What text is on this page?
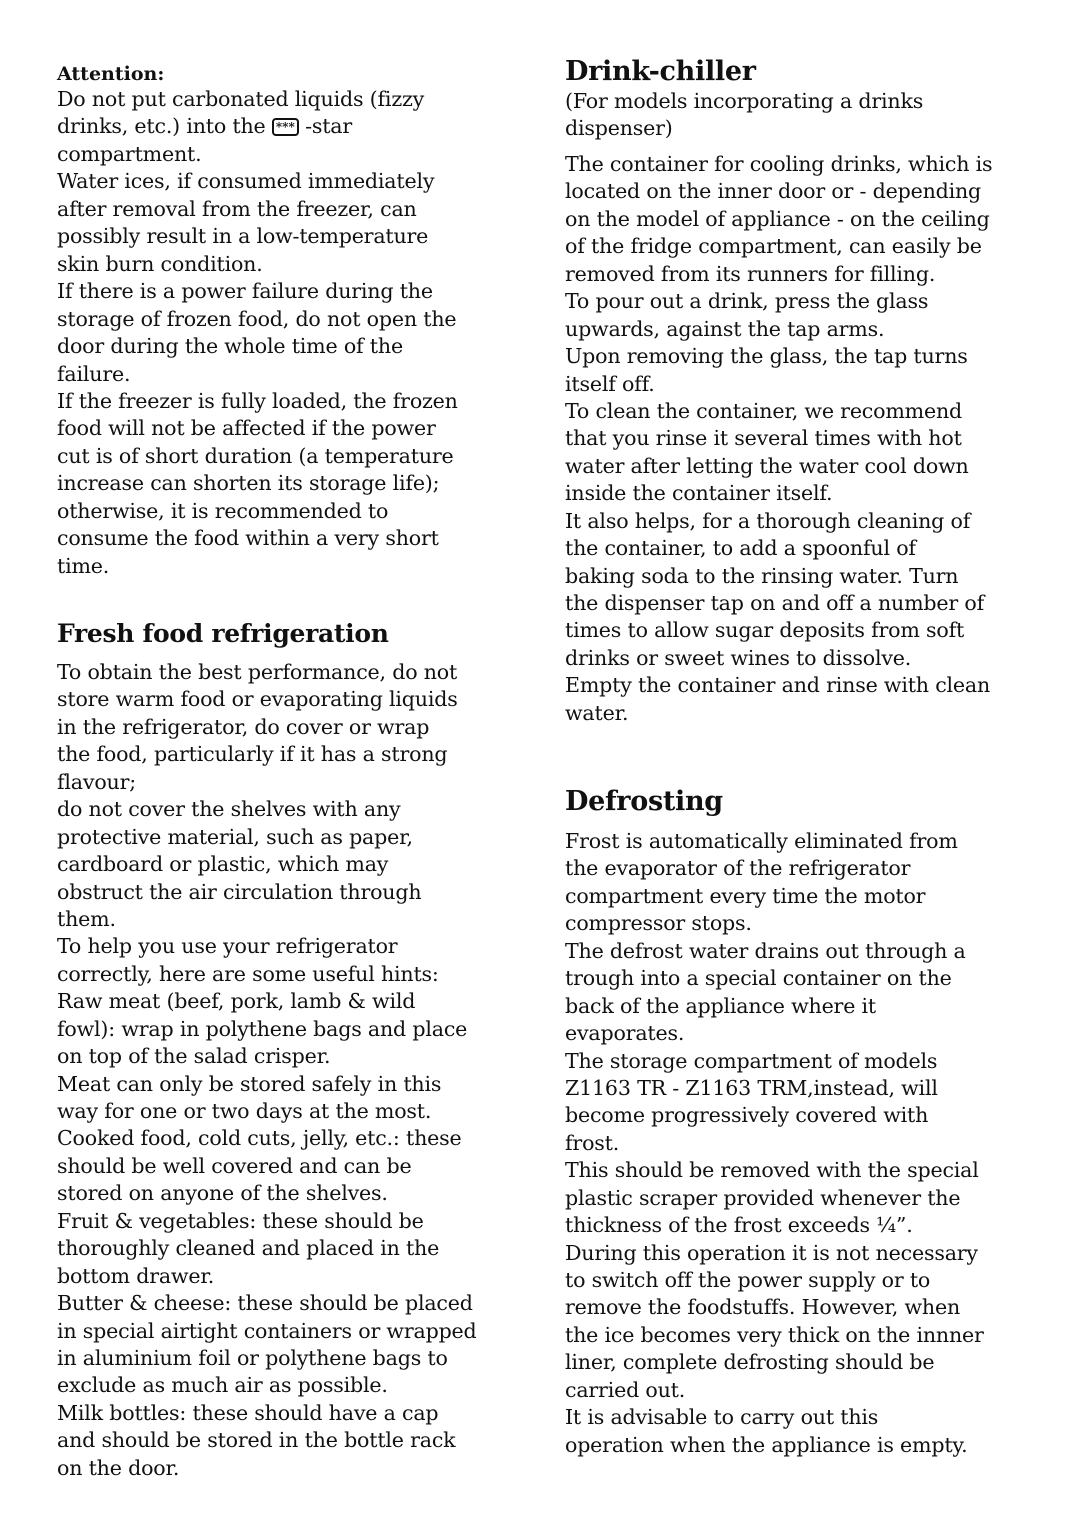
Attention:
Do not put carbonated liquids (fizzy
drinks, etc.) into the *** -star
compartment.
Water ices, if consumed immediately
after removal from the freezer, can
possibly result in a low-temperature
skin burn condition.
If there is a power failure during the
storage of frozen food, do not open the
door during the whole time of the
failure.
If the freezer is fully loaded, the frozen
food will not be affected if the power
cut is of short duration (a temperature
increase can shorten its storage life);
otherwise, it is recommended to
consume the food within a very short
time.
Fresh food refrigeration
To obtain the best performance, do not
store warm food or evaporating liquids
in the refrigerator, do cover or wrap
the food, particularly if it has a strong
flavour;
do not cover the shelves with any
protective material, such as paper,
cardboard or plastic, which may
obstruct the air circulation through
them.
To help you use your refrigerator
correctly, here are some useful hints:
Raw meat (beef, pork, lamb & wild
fowl): wrap in polythene bags and place
on top of the salad crisper.
Meat can only be stored safely in this
way for one or two days at the most.
Cooked food, cold cuts, jelly, etc.: these
should be well covered and can be
stored on anyone of the shelves.
Fruit & vegetables: these should be
thoroughly cleaned and placed in the
bottom drawer.
Butter & cheese: these should be placed
in special airtight containers or wrapped
in aluminium foil or polythene bags to
exclude as much air as possible.
Milk bottles: these should have a cap
and should be stored in the bottle rack
on the door.
Drink-chiller
(For models incorporating a drinks
dispenser)
The container for cooling drinks, which is
located on the inner door or - depending
on the model of appliance - on the ceiling
of the fridge compartment, can easily be
removed from its runners for filling.
To pour out a drink, press the glass
upwards, against the tap arms.
Upon removing the glass, the tap turns
itself off.
To clean the container, we recommend
that you rinse it several times with hot
water after letting the water cool down
inside the container itself.
It also helps, for a thorough cleaning of
the container, to add a spoonful of
baking soda to the rinsing water. Turn
the dispenser tap on and off a number of
times to allow sugar deposits from soft
drinks or sweet wines to dissolve.
Empty the container and rinse with clean
water.
Defrosting
Frost is automatically eliminated from
the evaporator of the refrigerator
compartment every time the motor
compressor stops.
The defrost water drains out through a
trough into a special container on the
back of the appliance where it
evaporates.
The storage compartment of models
Z1163 TR - Z1163 TRM,instead, will
become progressively covered with
frost.
This should be removed with the special
plastic scraper provided whenever the
thickness of the frost exceeds ¼”.
During this operation it is not necessary
to switch off the power supply or to
remove the foodstuffs. However, when
the ice becomes very thick on the innner
liner, complete defrosting should be
carried out.
It is advisable to carry out this
operation when the appliance is empty.
